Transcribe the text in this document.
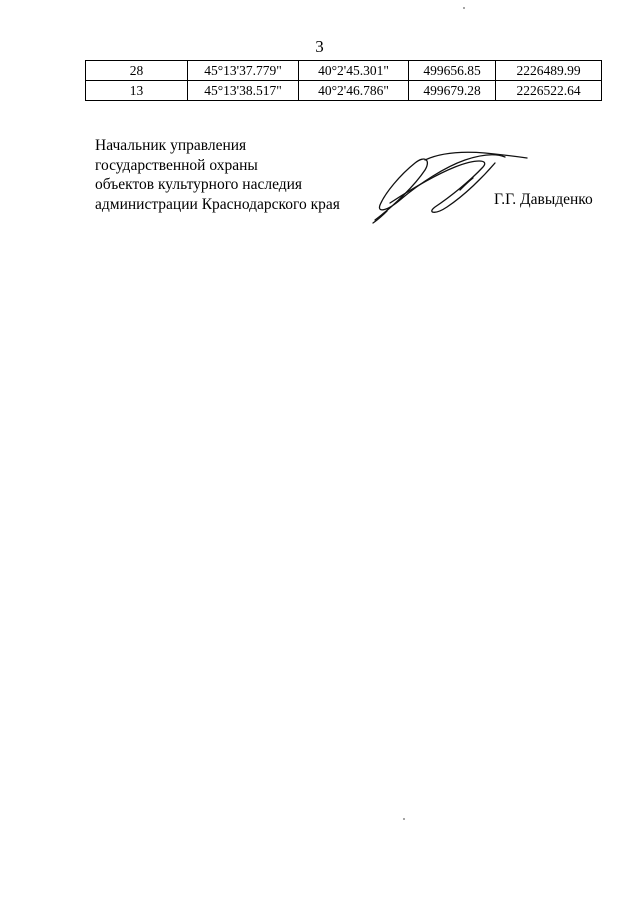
3
28	45°13'37.779"	40°2'45.301"	499656.85	2226489.99
13	45°13'38.517"	40°2'46.786"	499679.28	2226522.64
Начальник управления
государственной охраны
объектов культурного наследия
администрации Краснодарского края	Г.Г. Давыденко
